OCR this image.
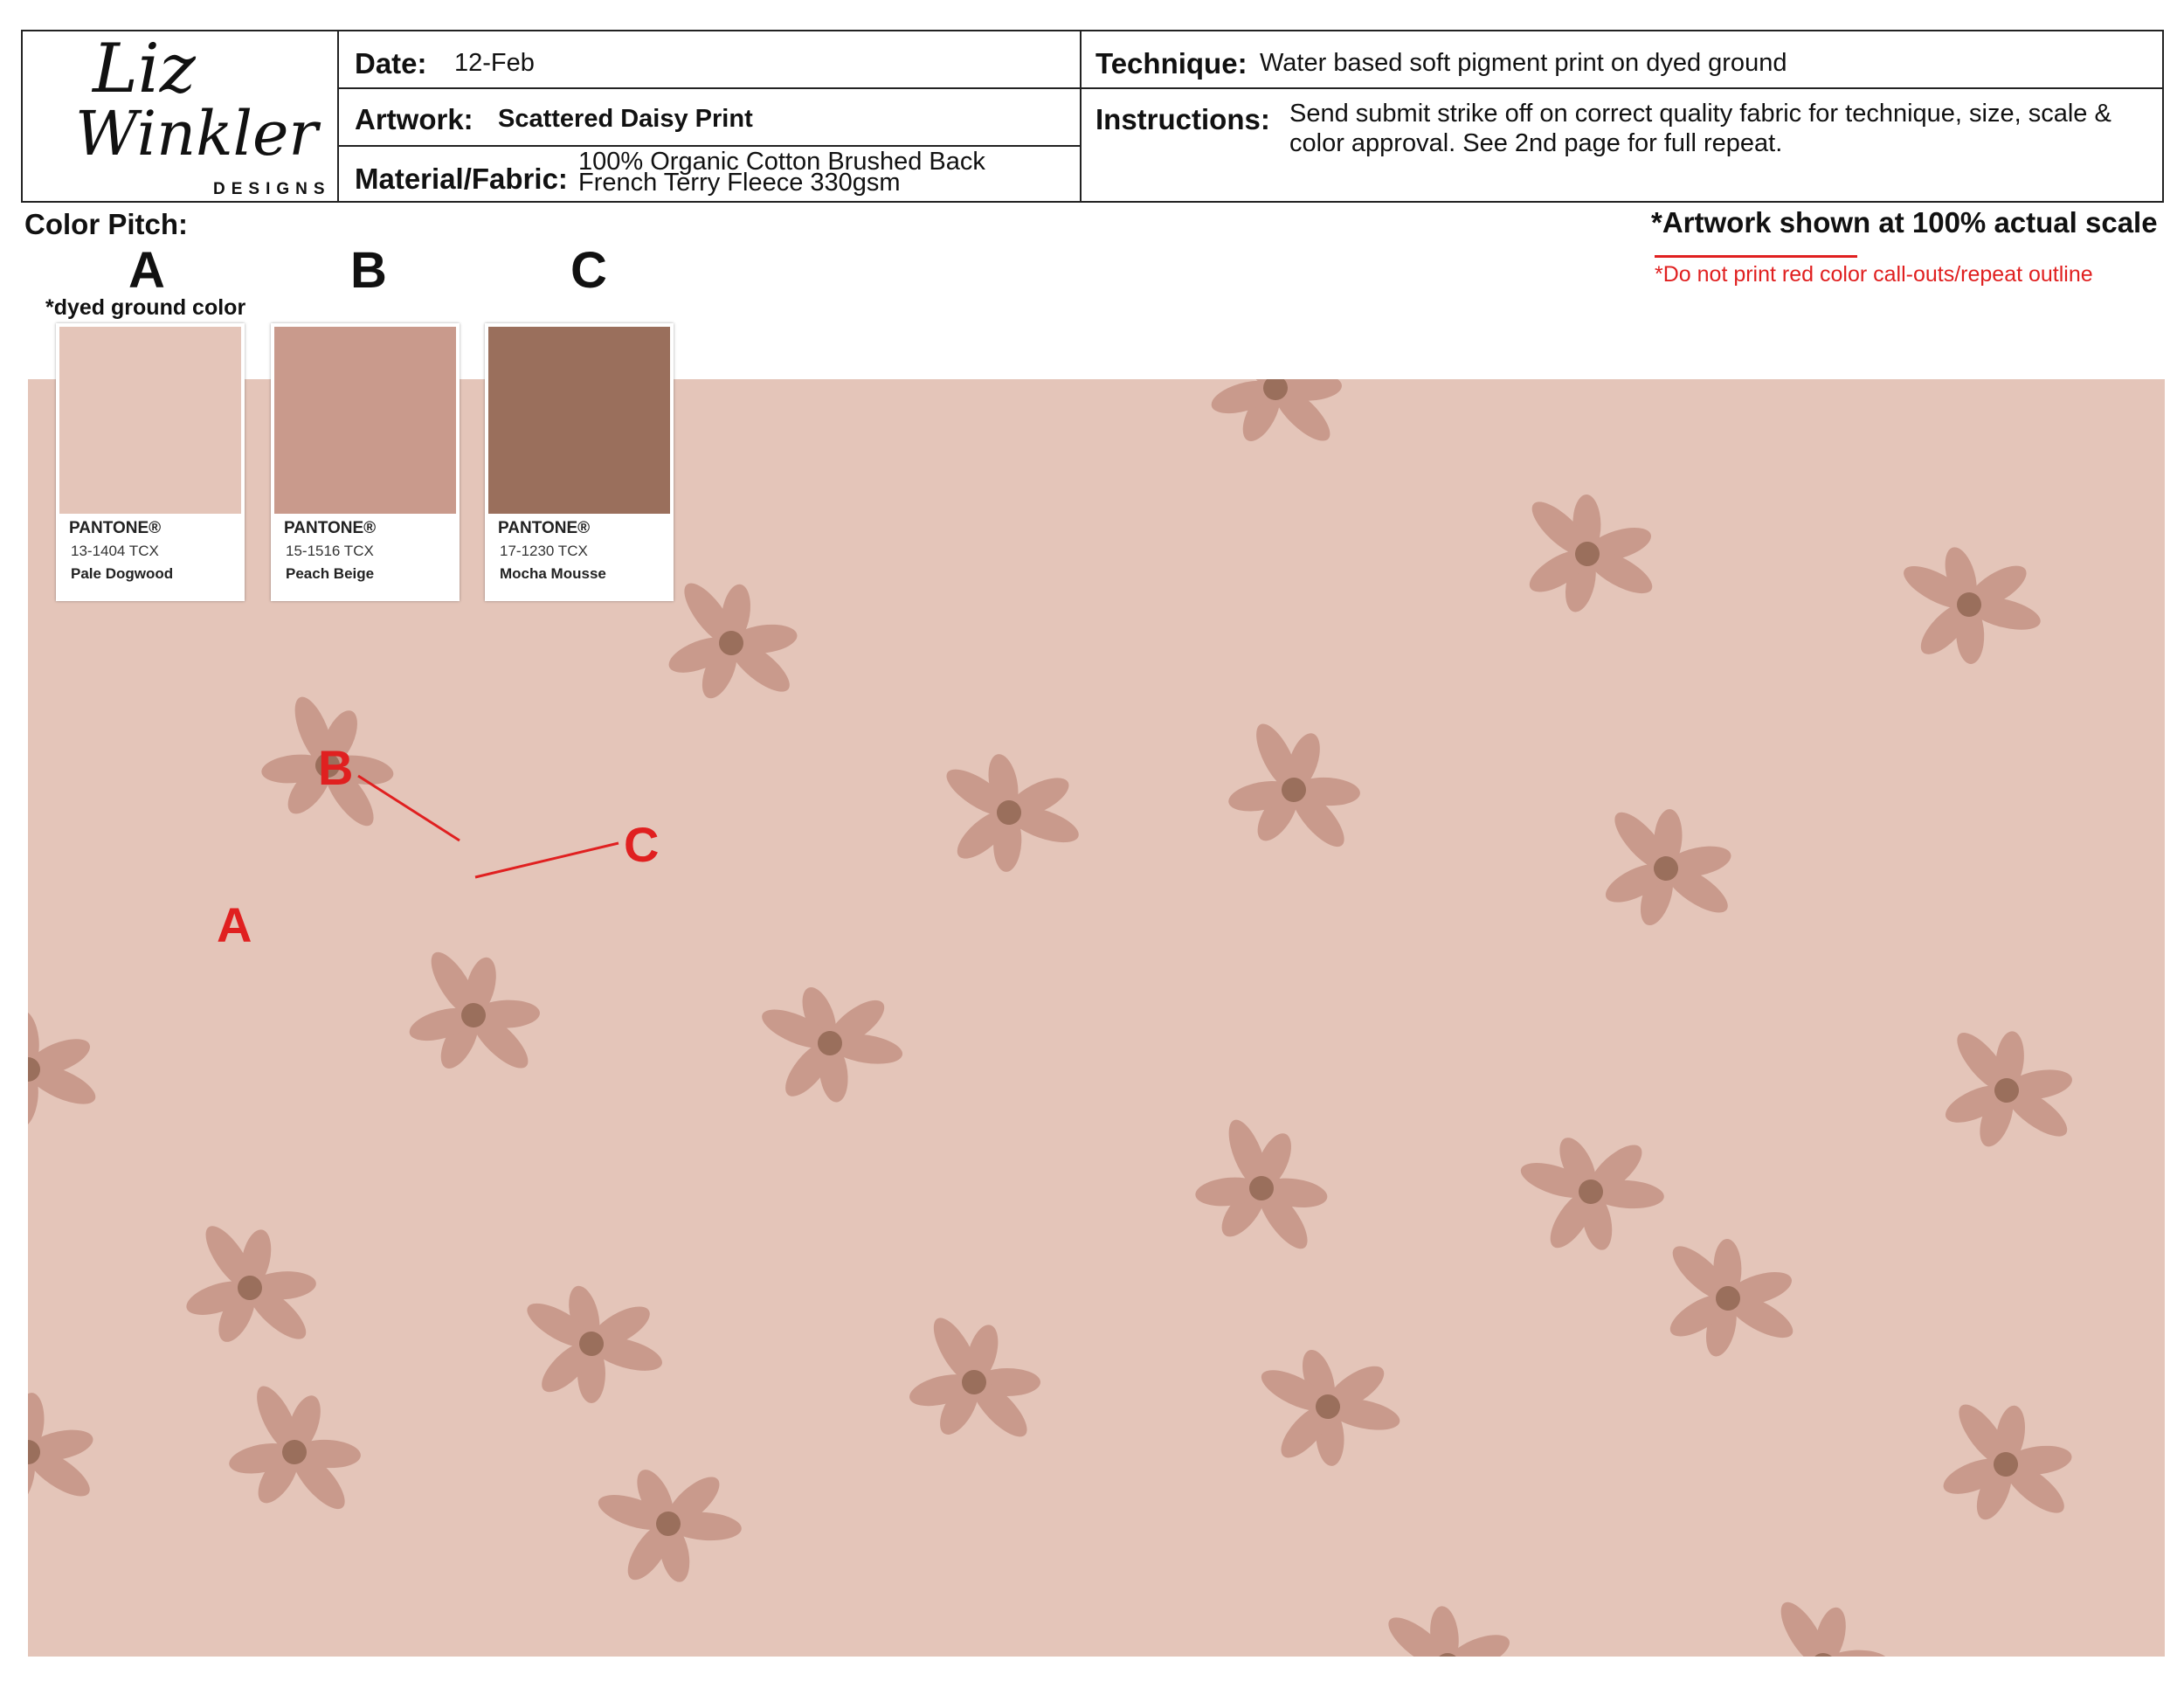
Liz
Winkler
DESIGNS
Date: 12-Feb
Artwork: Scattered Daisy Print
Material/Fabric:
100% Organic Cotton Brushed Back
French Terry Fleece 330gsm
Technique: Water based soft pigment print on dyed ground
Instructions: Send submit strike off on correct quality fabric for technique, size, scale &
color approval. See 2nd page for full repeat.
Color Pitch:	*Artwork shown at 100% actual scale
*Do not print red color call-outs/repeat outline
A	B	C
*dyed ground color
PANTONE®
13-1404 TCX
Pale Dogwood
PANTONE®
15-1516 TCX
Peach Beige
PANTONE®
17-1230 TCX
Mocha Mousse
B
C
A
